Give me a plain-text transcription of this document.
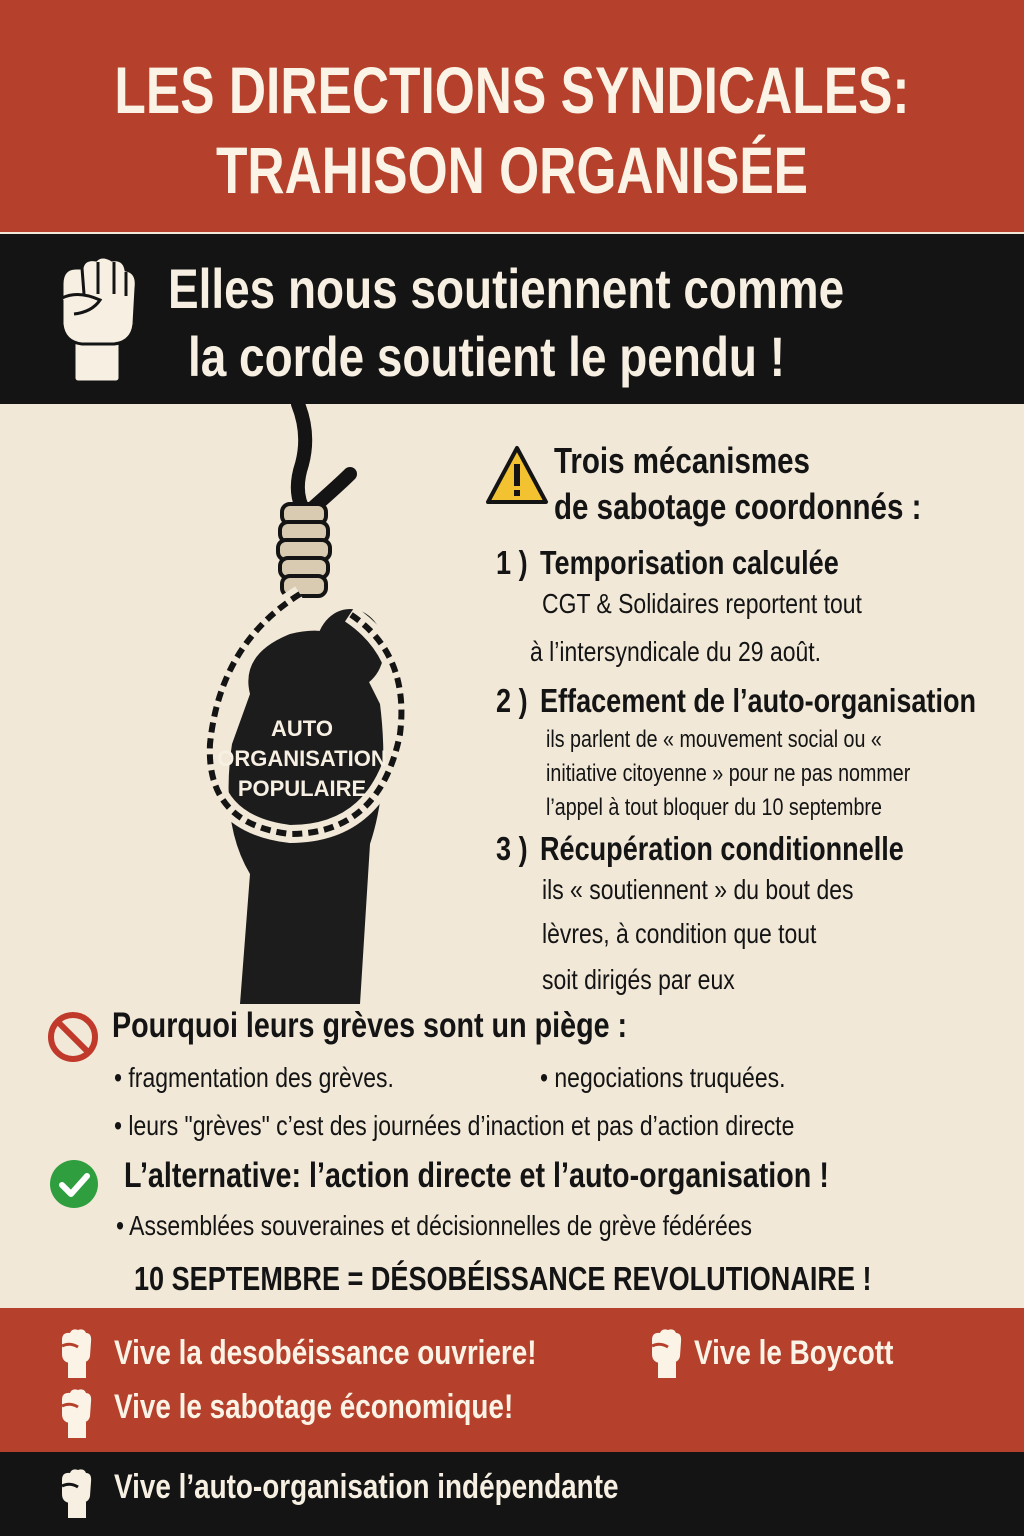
LES DIRECTIONS SYNDICALES:
TRAHISON ORGANISÉE
Elles nous soutiennent comme
la corde soutient le pendu !
AUTO
ORGANISATION
POPULAIRE
Trois mécanismes
de sabotage coordonnés :
1 ) Temporisation calculée
CGT & Solidaires reportent tout
à l’intersyndicale du 29 août.
2 ) Effacement de l’auto-organisation
ils parlent de « mouvement social ou «
initiative citoyenne » pour ne pas nommer
l’appel à tout bloquer du 10 septembre
3 ) Récupération conditionnelle
ils « soutiennent » du bout des
lèvres, à condition que tout
soit dirigés par eux
Pourquoi leurs grèves sont un piège :
• fragmentation des grèves.	• negociations truquées.
• leurs "grèves" c’est des journées d’inaction et pas d’action directe
L’alternative: l’action directe et l’auto-organisation !
• Assemblées souveraines et décisionnelles de grève fédérées
10 SEPTEMBRE = DÉSOBÉISSANCE REVOLUTIONAIRE !
Vive la desobéissance ouvriere!	Vive le Boycott
Vive le sabotage économique!
Vive l’auto-organisation indépendante
